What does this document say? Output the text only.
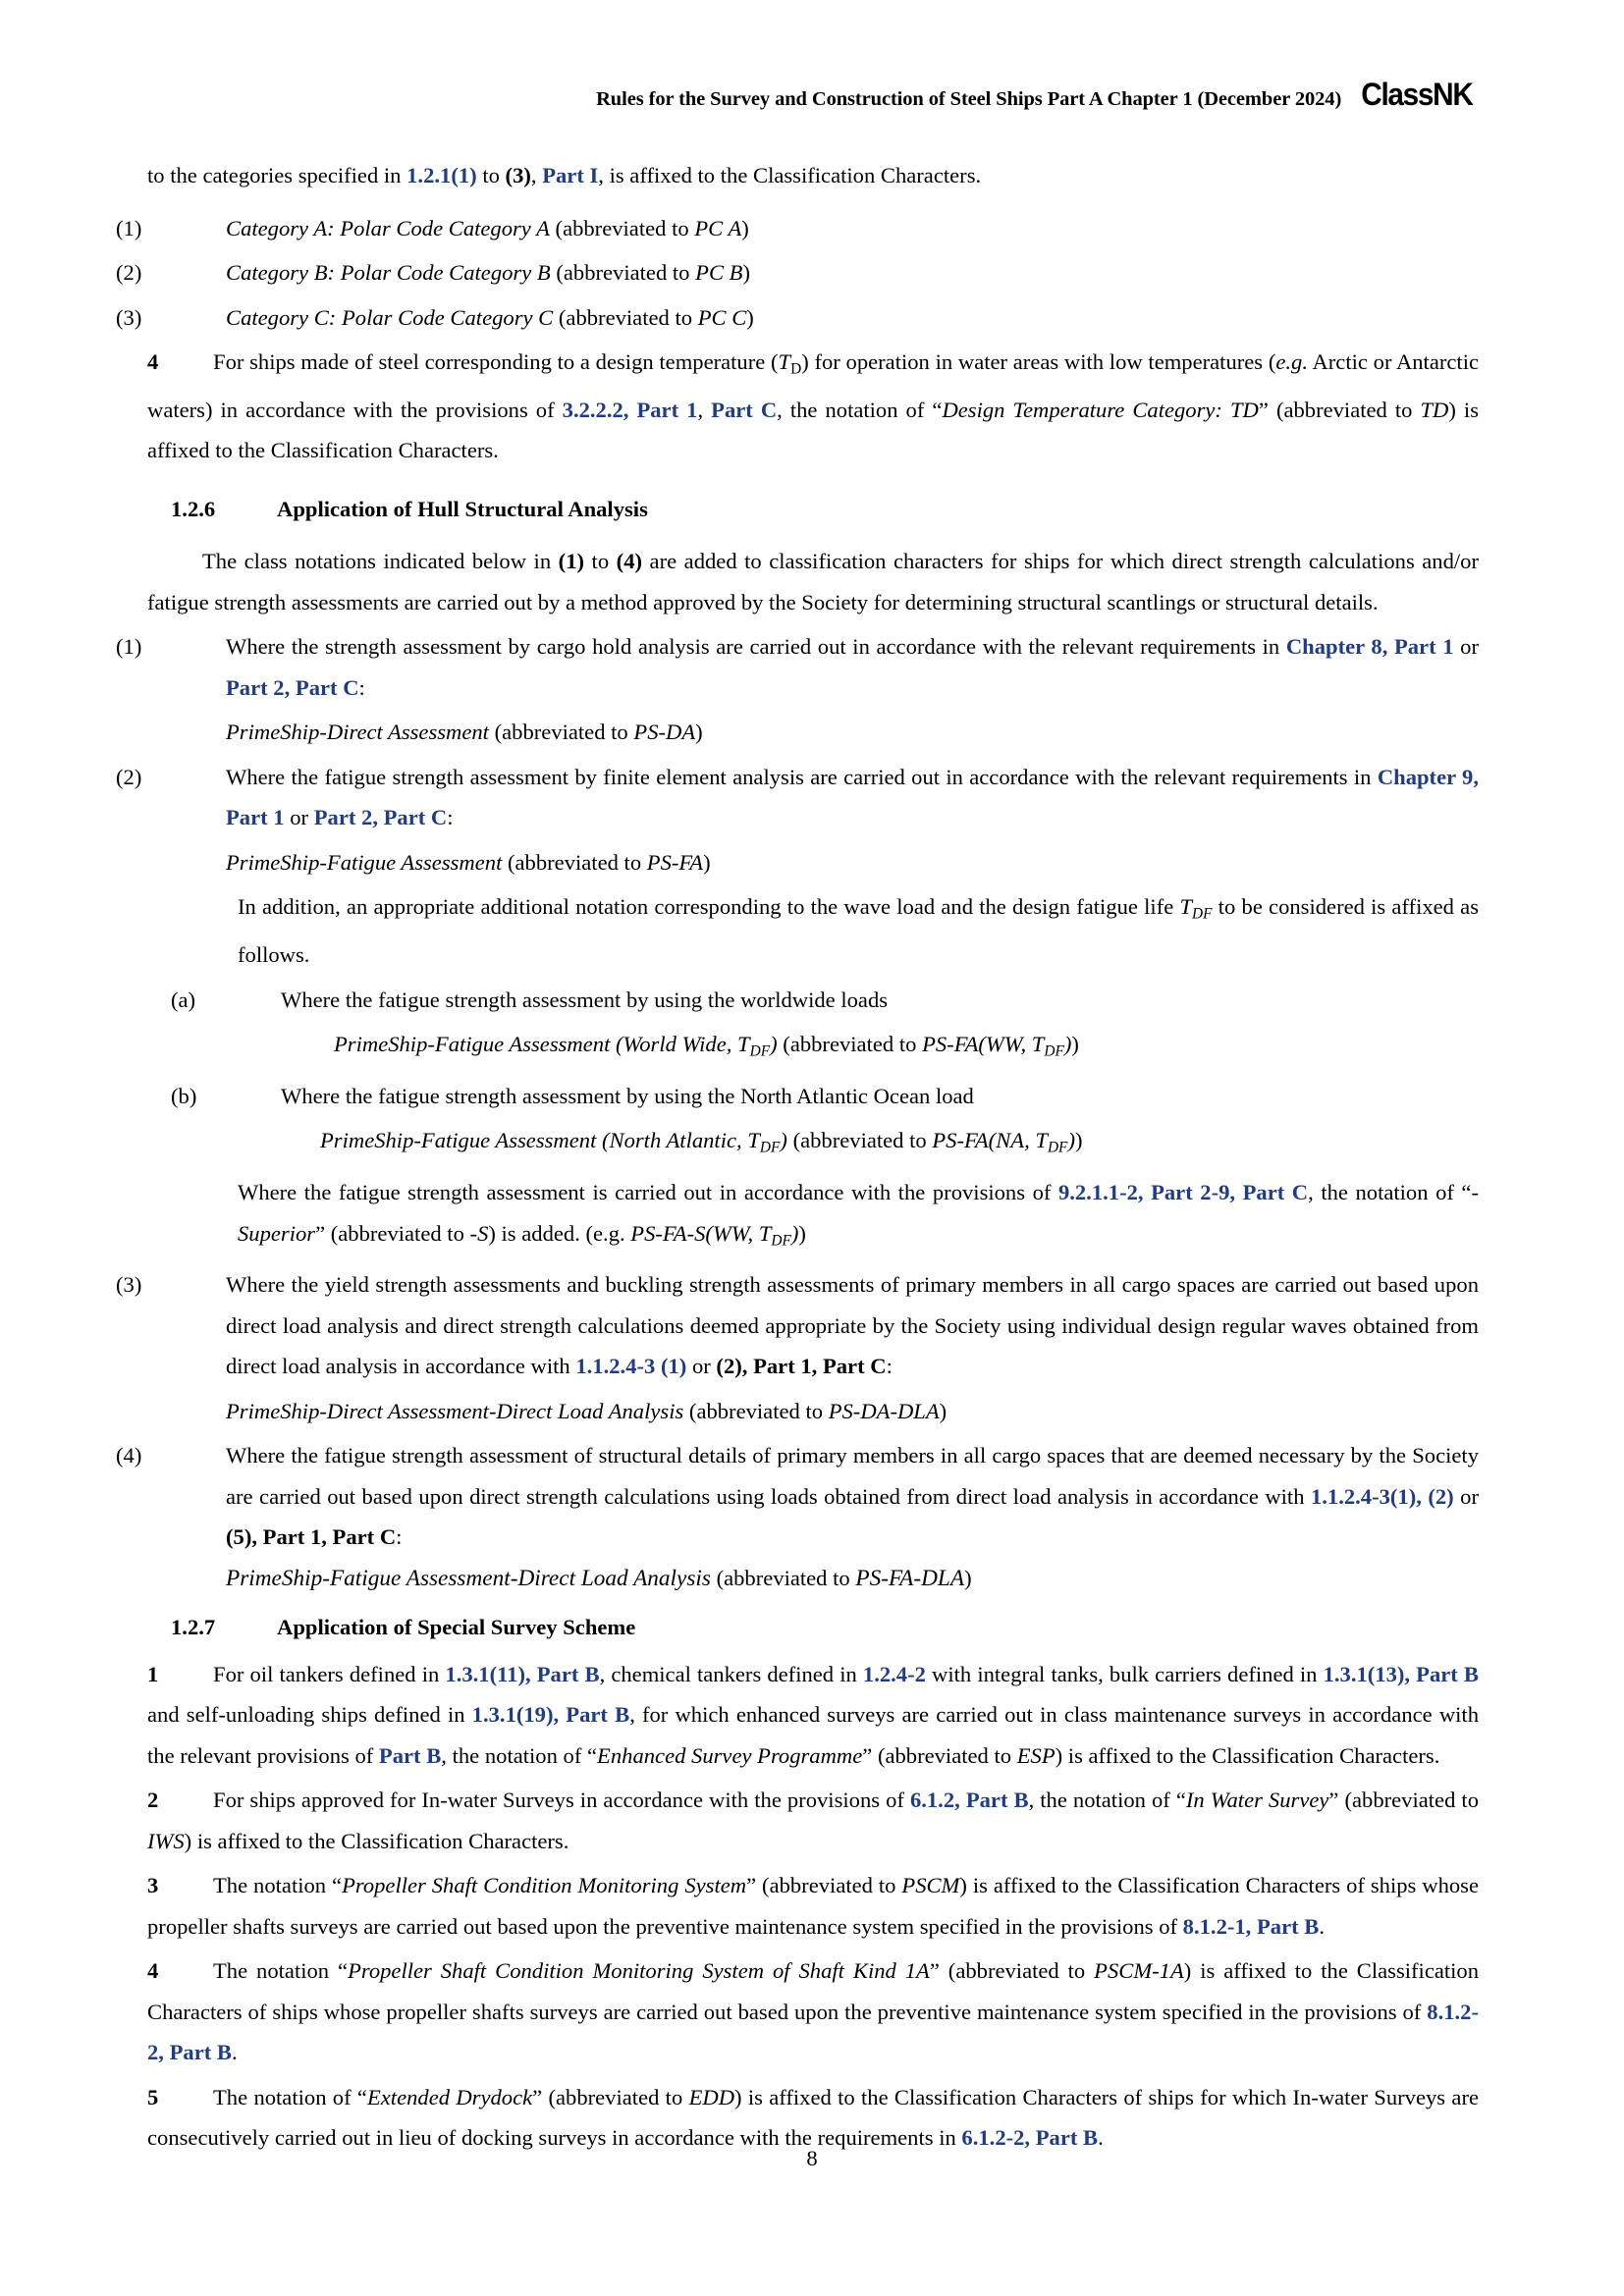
Rules for the Survey and Construction of Steel Ships Part A Chapter 1 (December 2024) ClassNK

to the categories specified in 1.2.1(1) to (3), Part I, is affixed to the Classification Characters.

(1)	Category A: Polar Code Category A (abbreviated to PC A)

(2)	Category B: Polar Code Category B (abbreviated to PC B)

(3)	Category C: Polar Code Category C (abbreviated to PC C)

4 For ships made of steel corresponding to a design temperature (TD) for operation in water areas with low temperatures (e.g. Arctic or Antarctic waters) in accordance with the provisions of 3.2.2.2, Part 1, Part C, the notation of “Design Temperature Category: TD” (abbreviated to TD) is affixed to the Classification Characters.

1.2.6	Application of Hull Structural Analysis

The class notations indicated below in (1) to (4) are added to classification characters for ships for which direct strength calculations and/or fatigue strength assessments are carried out by a method approved by the Society for determining structural scantlings or structural details.

(1)	Where the strength assessment by cargo hold analysis are carried out in accordance with the relevant requirements in Chapter 8, Part 1 or Part 2, Part C:

PrimeShip-Direct Assessment (abbreviated to PS-DA)

(2)	Where the fatigue strength assessment by finite element analysis are carried out in accordance with the relevant requirements in Chapter 9, Part 1 or Part 2, Part C:

PrimeShip-Fatigue Assessment (abbreviated to PS-FA)

In addition, an appropriate additional notation corresponding to the wave load and the design fatigue life $T_{DF}$ to be considered is affixed as follows.

(a)	Where the fatigue strength assessment by using the worldwide loads

PrimeShip-Fatigue Assessment (World Wide, $T_{DF}$) (abbreviated to PS-FA(WW, $T_{DF}$))

(b)	Where the fatigue strength assessment by using the North Atlantic Ocean load

PrimeShip-Fatigue Assessment (North Atlantic, $T_{DF}$) (abbreviated to PS-FA(NA, $T_{DF}$))

Where the fatigue strength assessment is carried out in accordance with the provisions of 9.2.1.1-2, Part 2-9, Part C, the notation of “-Superior” (abbreviated to -S) is added. (e.g. PS-FA-S(WW, $T_{DF}$))

(3)	Where the yield strength assessments and buckling strength assessments of primary members in all cargo spaces are carried out based upon direct load analysis and direct strength calculations deemed appropriate by the Society using individual design regular waves obtained from direct load analysis in accordance with 1.1.2.4-3 (1) or (2), Part 1, Part C:

PrimeShip-Direct Assessment-Direct Load Analysis (abbreviated to PS-DA-DLA)

(4)	Where the fatigue strength assessment of structural details of primary members in all cargo spaces that are deemed necessary by the Society are carried out based upon direct strength calculations using loads obtained from direct load analysis in accordance with 1.1.2.4-3(1), (2) or (5), Part 1, Part C:

PrimeShip-Fatigue Assessment-Direct Load Analysis (abbreviated to PS-FA-DLA)

1.2.7	Application of Special Survey Scheme

1 For oil tankers defined in 1.3.1(11), Part B, chemical tankers defined in 1.2.4-2 with integral tanks, bulk carriers defined in 1.3.1(13), Part B and self-unloading ships defined in 1.3.1(19), Part B, for which enhanced surveys are carried out in class maintenance surveys in accordance with the relevant provisions of Part B, the notation of “Enhanced Survey Programme” (abbreviated to ESP) is affixed to the Classification Characters.

2 For ships approved for In-water Surveys in accordance with the provisions of 6.1.2, Part B, the notation of “In Water Survey” (abbreviated to IWS) is affixed to the Classification Characters.

3 The notation “Propeller Shaft Condition Monitoring System” (abbreviated to PSCM) is affixed to the Classification Characters of ships whose propeller shafts surveys are carried out based upon the preventive maintenance system specified in the provisions of 8.1.2-1, Part B.

4 The notation “Propeller Shaft Condition Monitoring System of Shaft Kind 1A” (abbreviated to PSCM-1A) is affixed to the Classification Characters of ships whose propeller shafts surveys are carried out based upon the preventive maintenance system specified in the provisions of 8.1.2-2, Part B.

5 The notation of “Extended Drydock” (abbreviated to EDD) is affixed to the Classification Characters of ships for which In-water Surveys are consecutively carried out in lieu of docking surveys in accordance with the requirements in 6.1.2-2, Part B.

8
